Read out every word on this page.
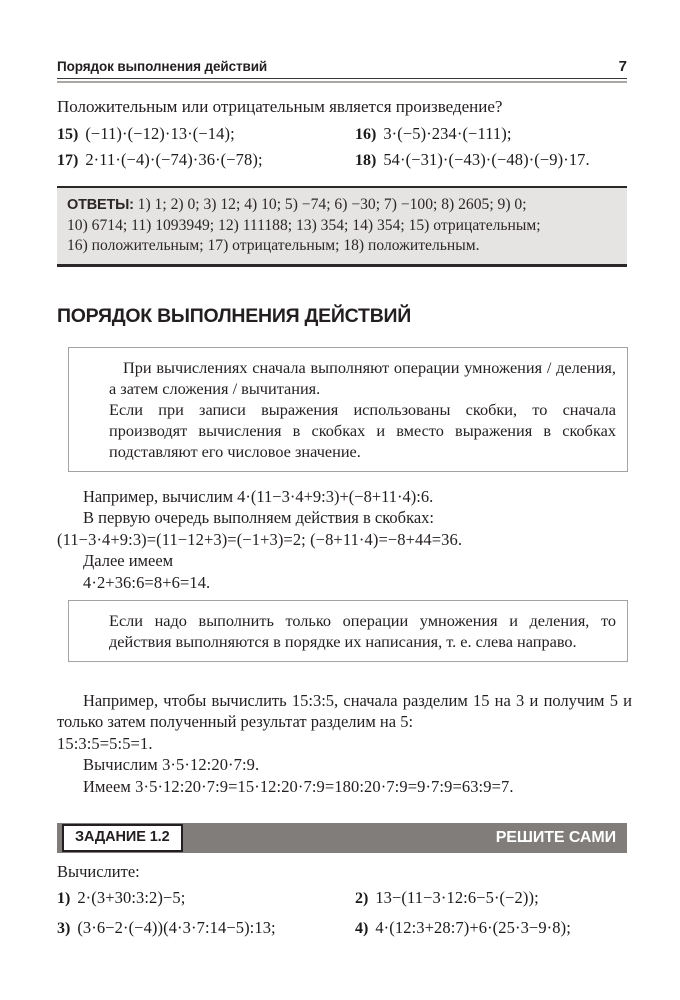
Порядок выполнения действий	7
Положительным или отрицательным является произведение?
15) (−11)·(−12)·13·(−14);	16) 3·(−5)·234·(−111);
17) 2·11·(−4)·(−74)·36·(−78);	18) 54·(−31)·(−43)·(−48)·(−9)·17.
ОТВЕТЫ: 1) 1; 2) 0; 3) 12; 4) 10; 5) −74; 6) −30; 7) −100; 8) 2605; 9) 0;
10) 6714; 11) 1093949; 12) 111188; 13) 354; 14) 354; 15) отрицательным;
16) положительным; 17) отрицательным; 18) положительным.
ПОРЯДОК ВЫПОЛНЕНИЯ ДЕЙСТВИЙ

При вычислениях сначала выполняют операции умножения / деления, а затем сложения / вычитания.

Если при записи выражения использованы скобки, то сначала производят вычисления в скобках и вместо выражения в скобках подставляют его числовое значение.

Например, вычислим 4·(11−3·4+9:3)+(−8+11·4):6.
В первую очередь выполняем действия в скобках:
(11−3·4+9:3)=(11−12+3)=(−1+3)=2; (−8+11·4)=−8+44=36.
Далее имеем
4·2+36:6=8+6=14.

Если надо выполнить только операции умножения и деления, то действия выполняются в порядке их написания, т. е. слева направо.

Например, чтобы вычислить 15:3:5, сначала разделим 15 на 3 и получим 5 и только затем полученный результат разделим на 5:
15:3:5=5:5=1.
Вычислим 3·5·12:20·7:9.
Имеем 3·5·12:20·7:9=15·12:20·7:9=180:20·7:9=9·7:9=63:9=7.
ЗАДАНИЕ 1.2	РЕШИТЕ САМИ
Вычислите:
1) 2·(3+30:3:2)−5;	2) 13−(11−3·12:6−5·(−2));
3) (3·6−2·(−4))(4·3·7:14−5):13;	4) 4·(12:3+28:7)+6·(25·3−9·8);
